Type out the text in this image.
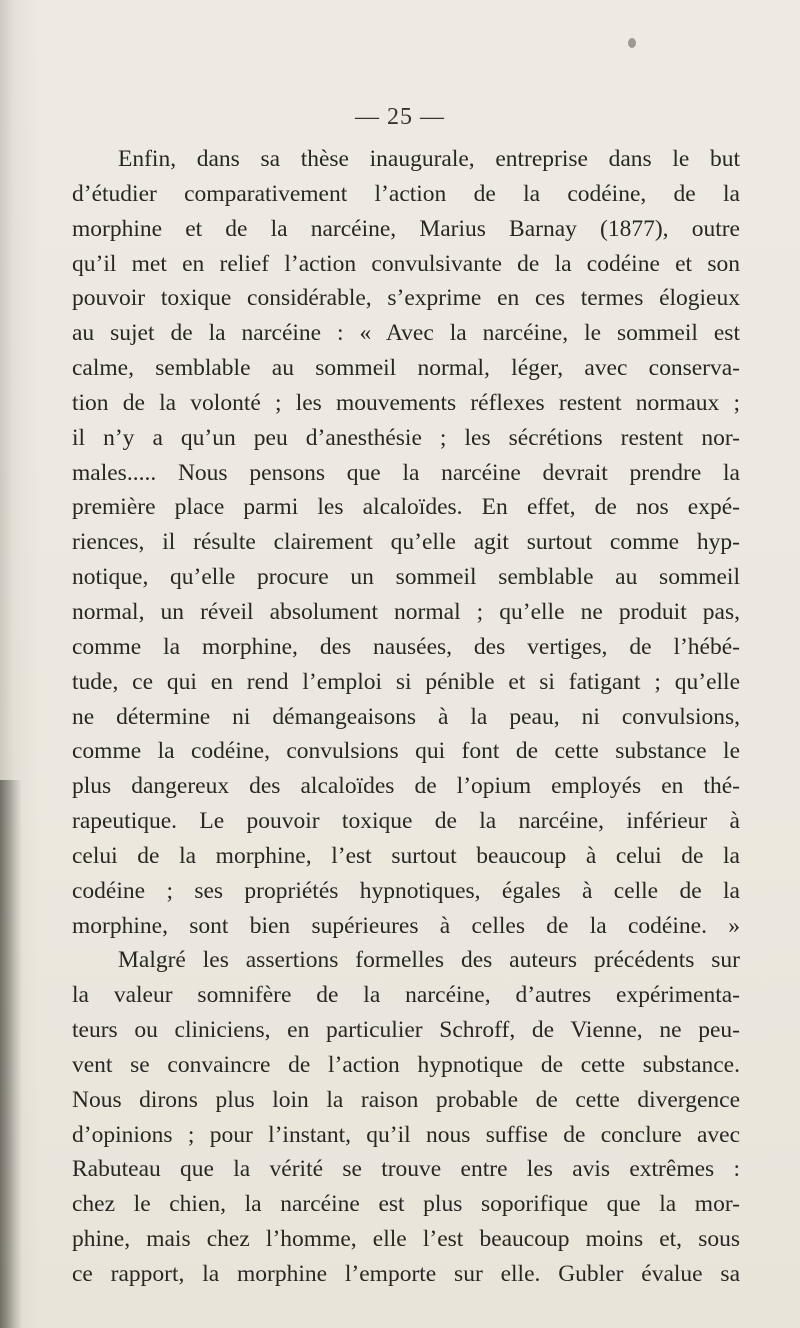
— 25 —
Enfin, dans sa thèse inaugurale, entreprise dans le but
d’étudier comparativement l’action de la codéine, de la
morphine et de la narcéine, Marius Barnay (1877), outre
qu’il met en relief l’action convulsivante de la codéine et son
pouvoir toxique considérable, s’exprime en ces termes élogieux
au sujet de la narcéine : « Avec la narcéine, le sommeil est
calme, semblable au sommeil normal, léger, avec conserva-
tion de la volonté ; les mouvements réflexes restent normaux ;
il n’y a qu’un peu d’anesthésie ; les sécrétions restent nor-
males..... Nous pensons que la narcéine devrait prendre la
première place parmi les alcaloïdes. En effet, de nos expé-
riences, il résulte clairement qu’elle agit surtout comme hyp-
notique, qu’elle procure un sommeil semblable au sommeil
normal, un réveil absolument normal ; qu’elle ne produit pas,
comme la morphine, des nausées, des vertiges, de l’hébé-
tude, ce qui en rend l’emploi si pénible et si fatigant ; qu’elle
ne détermine ni démangeaisons à la peau, ni convulsions,
comme la codéine, convulsions qui font de cette substance le
plus dangereux des alcaloïdes de l’opium employés en thé-
rapeutique. Le pouvoir toxique de la narcéine, inférieur à
celui de la morphine, l’est surtout beaucoup à celui de la
codéine ; ses propriétés hypnotiques, égales à celle de la
morphine, sont bien supérieures à celles de la codéine. »
Malgré les assertions formelles des auteurs précédents sur
la valeur somnifère de la narcéine, d’autres expérimenta-
teurs ou cliniciens, en particulier Schroff, de Vienne, ne peu-
vent se convaincre de l’action hypnotique de cette substance.
Nous dirons plus loin la raison probable de cette divergence
d’opinions ; pour l’instant, qu’il nous suffise de conclure avec
Rabuteau que la vérité se trouve entre les avis extrêmes :
chez le chien, la narcéine est plus soporifique que la mor-
phine, mais chez l’homme, elle l’est beaucoup moins et, sous
ce rapport, la morphine l’emporte sur elle. Gubler évalue sa
